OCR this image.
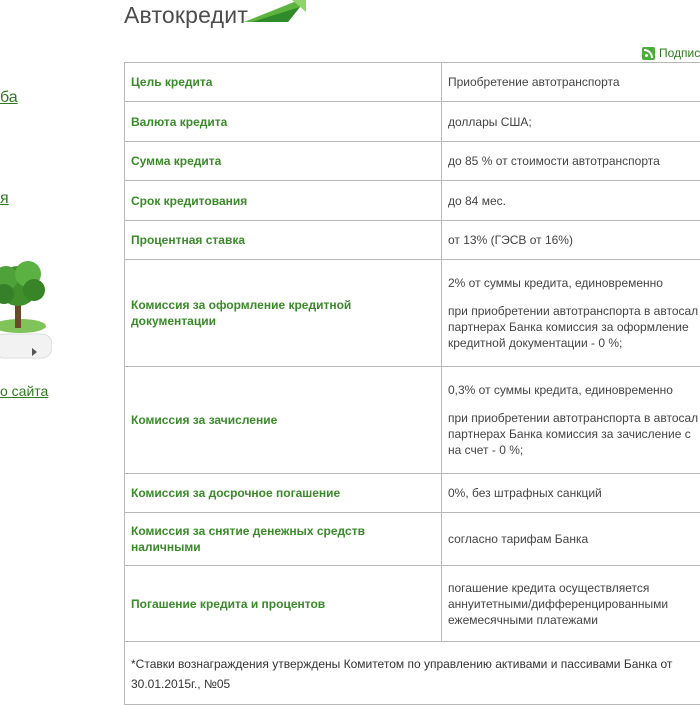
Автокредит
Подпис
ба
я
о сайта
Цель кредита	Приобретение автотранспорта

Валюта кредита	доллары США;

Сумма кредита	до 85 % от стоимости автотранспорта

Срок кредитования	до 84 мес.

Процентная ставка	от 13% (ГЭСВ от 16%)

Комиссия за оформление кредитной документации	2% от суммы кредита, единовременно
при приобретении автотранспорта в автосал
партнерах Банка комиссия за оформление
кредитной документации - 0 %;

Комиссия за зачисление	0,3% от суммы кредита, единовременно
при приобретении автотранспорта в автосал
партнерах Банка комиссия за зачисление с
на счет - 0 %;

Комиссия за досрочное погашение	0%, без штрафных санкций

Комиссия за снятие денежных средств наличными	согласно тарифам Банка

Погашение кредита и процентов	погашение кредита осуществляется
аннуитетными/дифференцированными
ежемесячными платежами

*Ставки вознаграждения утверждены Комитетом по управлению активами и пассивами Банка от
30.01.2015г., №05	
